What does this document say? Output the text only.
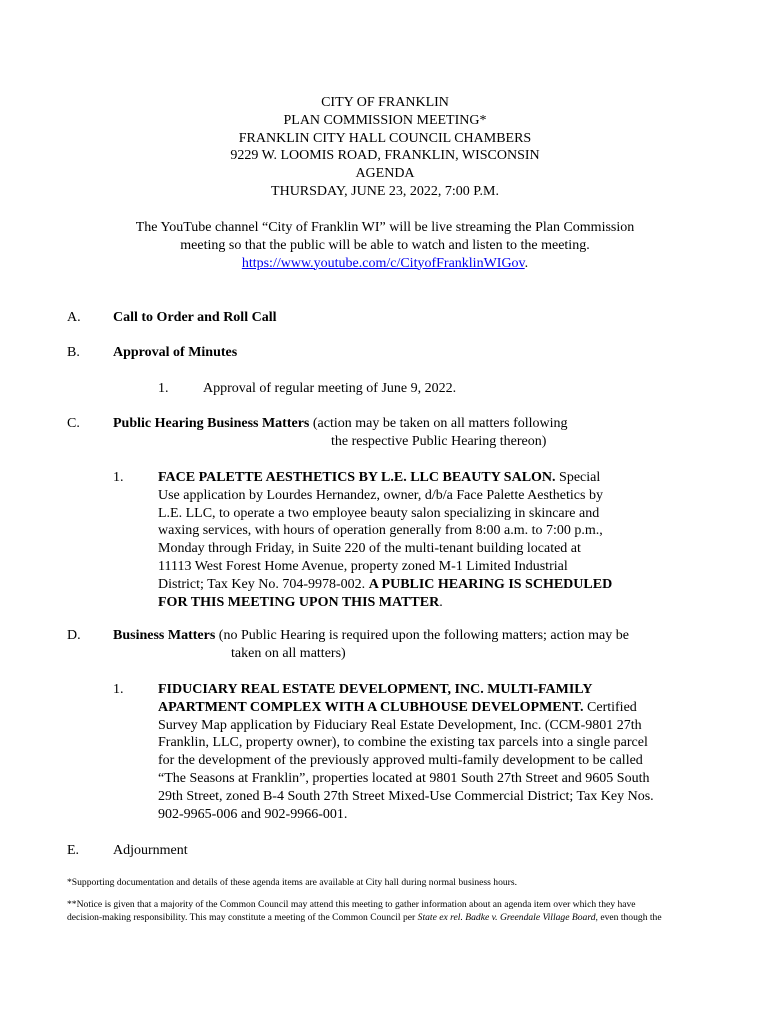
CITY OF FRANKLIN
PLAN COMMISSION MEETING*
FRANKLIN CITY HALL COUNCIL CHAMBERS
9229 W. LOOMIS ROAD, FRANKLIN, WISCONSIN
AGENDA
THURSDAY, JUNE 23, 2022, 7:00 P.M.
The YouTube channel “City of Franklin WI” will be live streaming the Plan Commission
meeting so that the public will be able to watch and listen to the meeting.
https://www.youtube.com/c/CityofFranklinWIGov.
A. Call to Order and Roll Call
B. Approval of Minutes
1. Approval of regular meeting of June 9, 2022.
C. Public Hearing Business Matters (action may be taken on all matters following
the respective Public Hearing thereon)
1. FACE PALETTE AESTHETICS BY L.E. LLC BEAUTY SALON. Special
Use application by Lourdes Hernandez, owner, d/b/a Face Palette Aesthetics by
L.E. LLC, to operate a two employee beauty salon specializing in skincare and
waxing services, with hours of operation generally from 8:00 a.m. to 7:00 p.m.,
Monday through Friday, in Suite 220 of the multi-tenant building located at
11113 West Forest Home Avenue, property zoned M-1 Limited Industrial
District; Tax Key No. 704-9978-002. A PUBLIC HEARING IS SCHEDULED
FOR THIS MEETING UPON THIS MATTER.
D. Business Matters (no Public Hearing is required upon the following matters; action may be
taken on all matters)
1. FIDUCIARY REAL ESTATE DEVELOPMENT, INC. MULTI-FAMILY
APARTMENT COMPLEX WITH A CLUBHOUSE DEVELOPMENT. Certified
Survey Map application by Fiduciary Real Estate Development, Inc. (CCM-9801 27th
Franklin, LLC, property owner), to combine the existing tax parcels into a single parcel
for the development of the previously approved multi-family development to be called
“The Seasons at Franklin”, properties located at 9801 South 27th Street and 9605 South
29th Street, zoned B-4 South 27th Street Mixed-Use Commercial District; Tax Key Nos.
902-9965-006 and 902-9966-001.
E. Adjournment
*Supporting documentation and details of these agenda items are available at City hall during normal business hours.
**Notice is given that a majority of the Common Council may attend this meeting to gather information about an agenda item over which they have
decision-making responsibility. This may constitute a meeting of the Common Council per State ex rel. Badke v. Greendale Village Board, even though the
